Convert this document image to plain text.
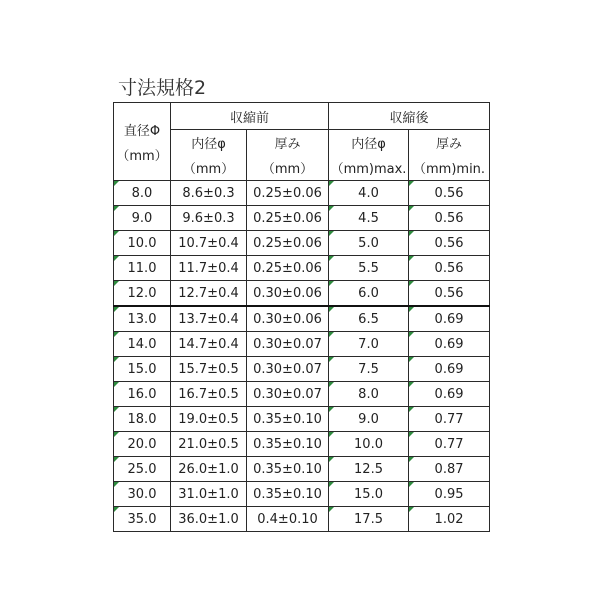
寸法規格2
直径Φ
（mm）	収縮前		収縮後	
	内径φ	厚み	内径φ	厚み
	（mm）	（mm）	（mm)max.	（mm)min.

8.0	8.6±0.3	0.25±0.06	4.0	0.56

9.0	9.6±0.3	0.25±0.06	4.5	0.56

10.0	10.7±0.4	0.25±0.06	5.0	0.56

11.0	11.7±0.4	0.25±0.06	5.5	0.56

12.0	12.7±0.4	0.30±0.06	6.0	0.56

13.0	13.7±0.4	0.30±0.06	6.5	0.69

14.0	14.7±0.4	0.30±0.07	7.0	0.69

15.0	15.7±0.5	0.30±0.07	7.5	0.69

16.0	16.7±0.5	0.30±0.07	8.0	0.69

18.0	19.0±0.5	0.35±0.10	9.0	0.77

20.0	21.0±0.5	0.35±0.10	10.0	0.77

25.0	26.0±1.0	0.35±0.10	12.5	0.87

30.0	31.0±1.0	0.35±0.10	15.0	0.95

35.0	36.0±1.0	0.4±0.10	17.5	1.02
